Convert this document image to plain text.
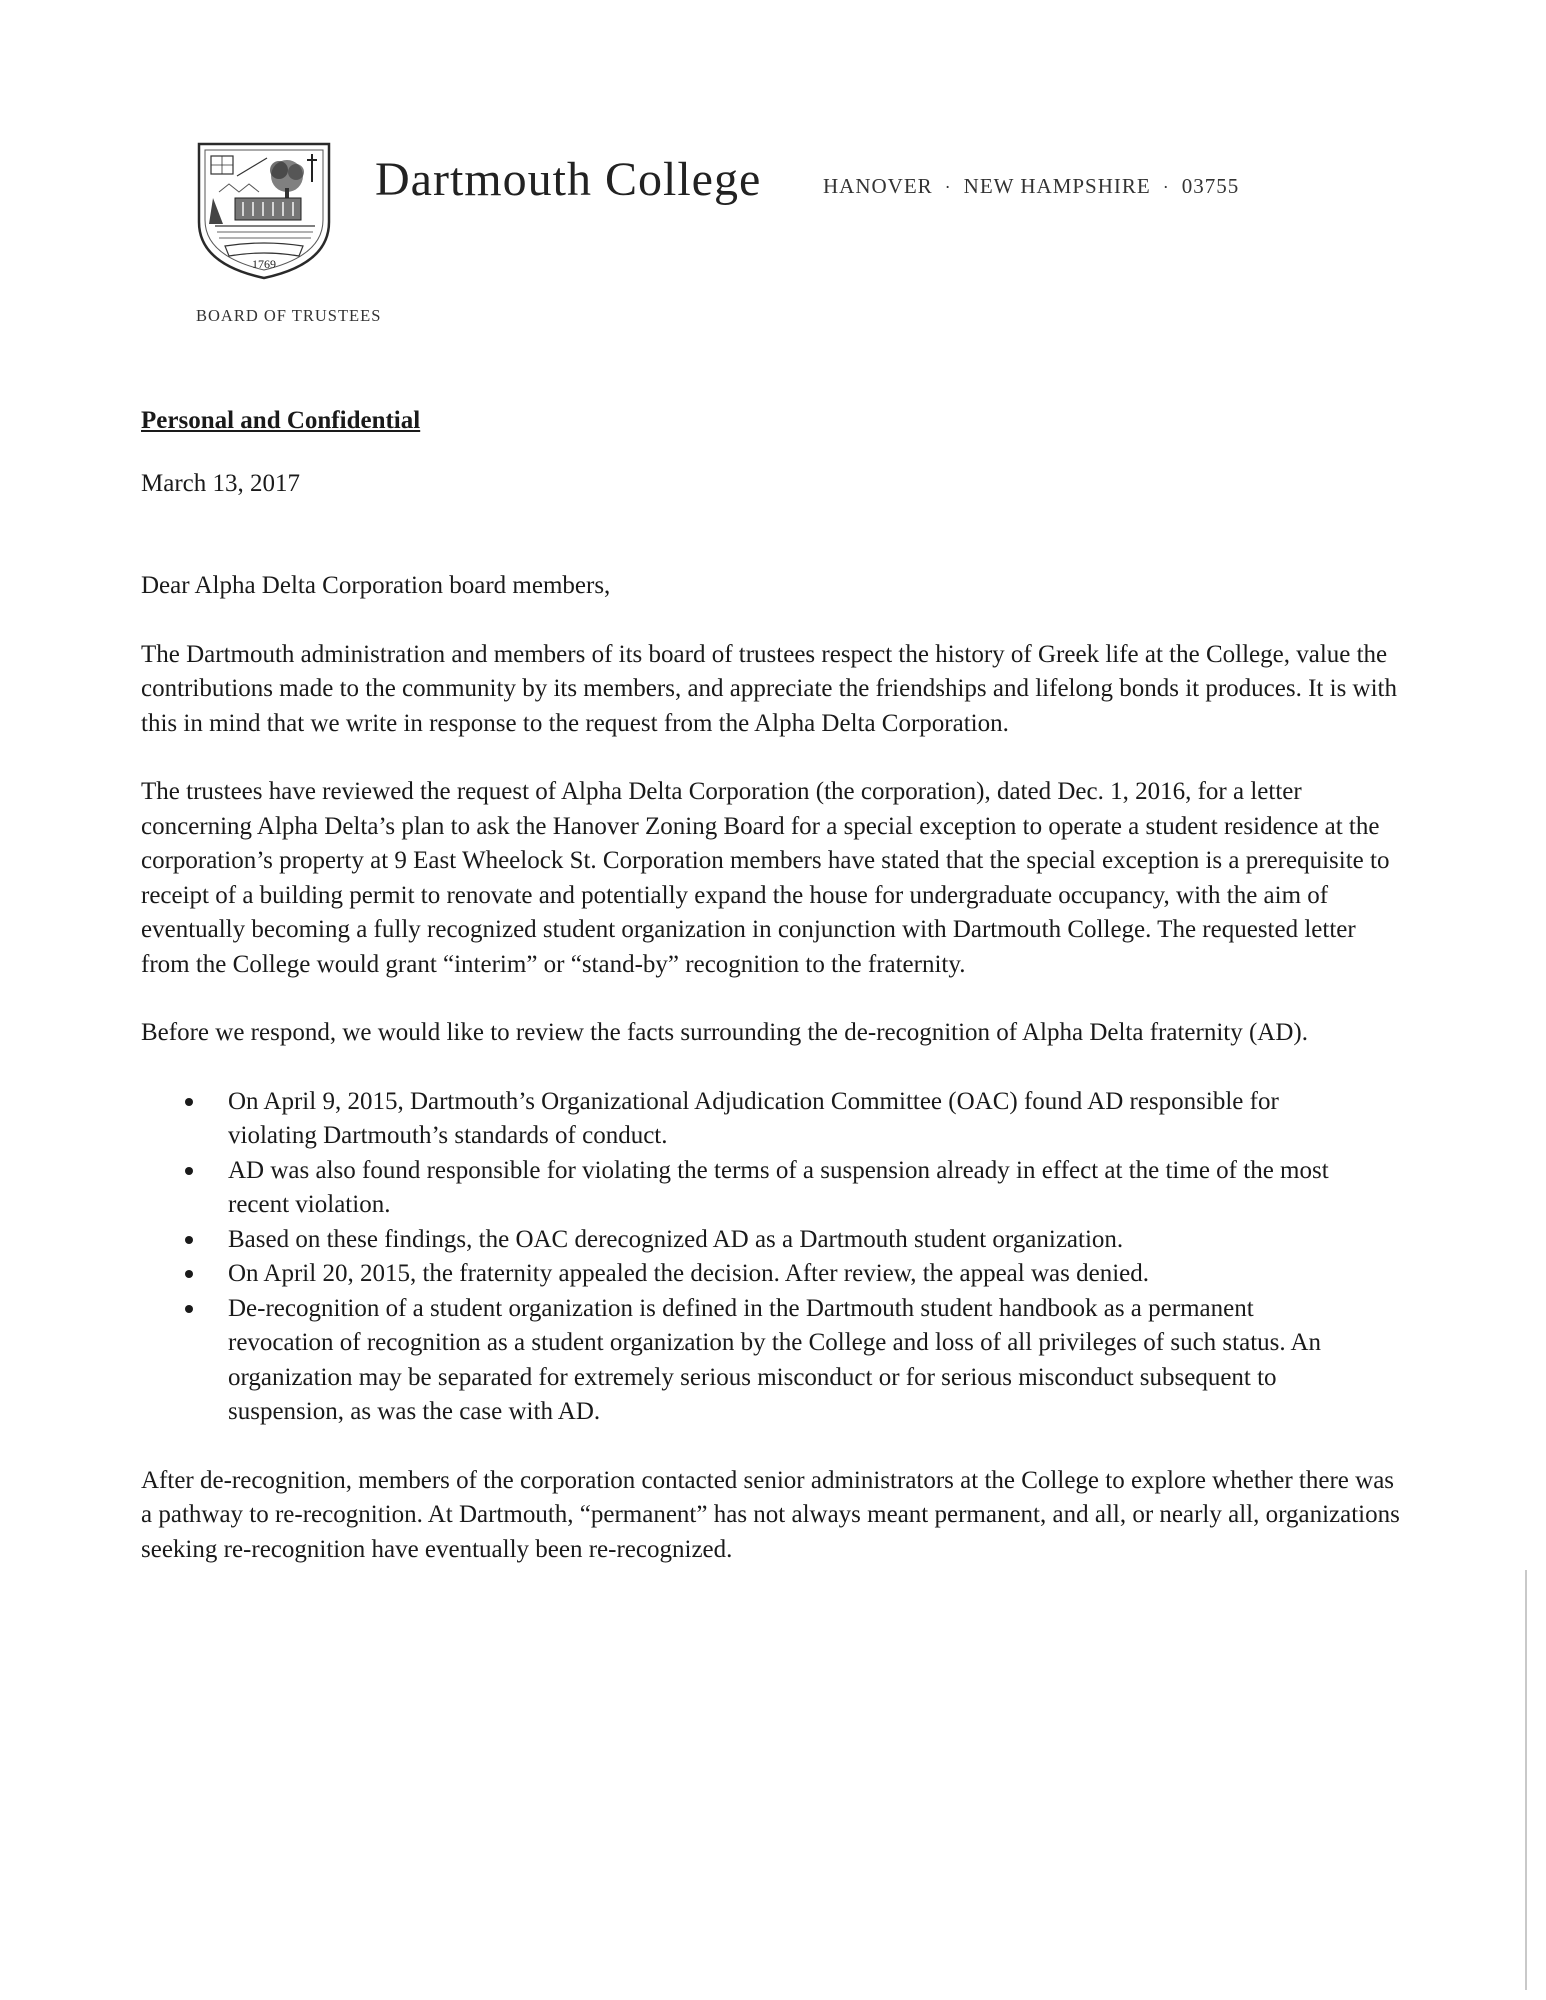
1769
Dartmouth College	HANOVER · NEW HAMPSHIRE · 03755
BOARD OF TRUSTEES

Personal and Confidential

March 13, 2017

Dear Alpha Delta Corporation board members,

The Dartmouth administration and members of its board of trustees respect the history of Greek life at the College, value the contributions made to the community by its members, and appreciate the friendships and lifelong bonds it produces. It is with this in mind that we write in response to the request from the Alpha Delta Corporation.

The trustees have reviewed the request of Alpha Delta Corporation (the corporation), dated Dec. 1, 2016, for a letter concerning Alpha Delta’s plan to ask the Hanover Zoning Board for a special exception to operate a student residence at the corporation’s property at 9 East Wheelock St. Corporation members have stated that the special exception is a prerequisite to receipt of a building permit to renovate and potentially expand the house for undergraduate occupancy, with the aim of eventually becoming a fully recognized student organization in conjunction with Dartmouth College. The requested letter from the College would grant “interim” or “stand-by” recognition to the fraternity.

Before we respond, we would like to review the facts surrounding the de-recognition of Alpha Delta fraternity (AD).

On April 9, 2015, Dartmouth’s Organizational Adjudication Committee (OAC) found AD responsible for violating Dartmouth’s standards of conduct.
AD was also found responsible for violating the terms of a suspension already in effect at the time of the most recent violation.
Based on these findings, the OAC derecognized AD as a Dartmouth student organization.
On April 20, 2015, the fraternity appealed the decision. After review, the appeal was denied.
De-recognition of a student organization is defined in the Dartmouth student handbook as a permanent revocation of recognition as a student organization by the College and loss of all privileges of such status. An organization may be separated for extremely serious misconduct or for serious misconduct subsequent to suspension, as was the case with AD.

After de-recognition, members of the corporation contacted senior administrators at the College to explore whether there was a pathway to re-recognition. At Dartmouth, “permanent” has not always meant permanent, and all, or nearly all, organizations seeking re-recognition have eventually been re-recognized.
